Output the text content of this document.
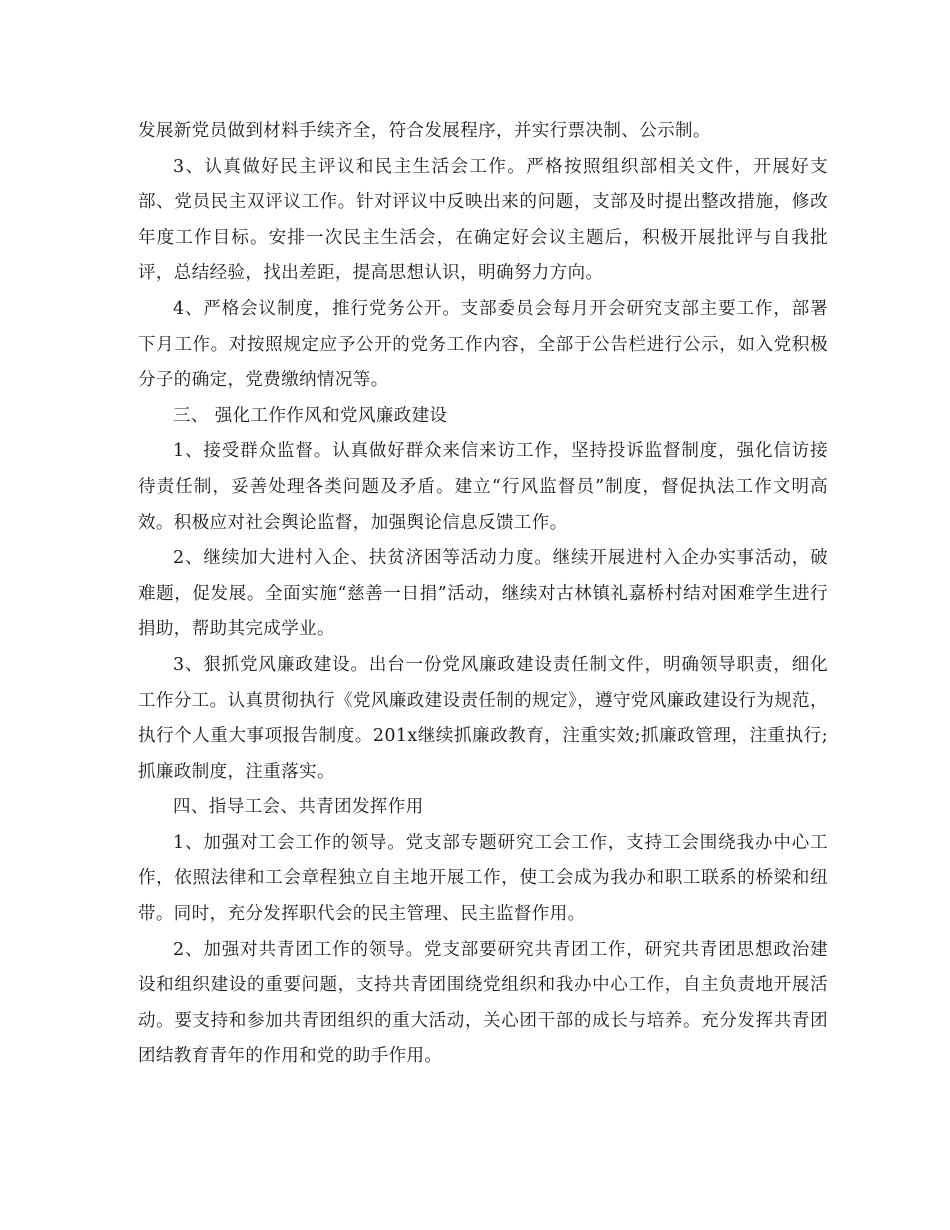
发展新党员做到材料手续齐全，符合发展程序，并实行票决制、公示制。

3、认真做好民主评议和民主生活会工作。严格按照组织部相关文件，开展好支部、党员民主双评议工作。针对评议中反映出来的问题，支部及时提出整改措施，修改年度工作目标。安排一次民主生活会，在确定好会议主题后，积极开展批评与自我批评，总结经验，找出差距，提高思想认识，明确努力方向。

4、严格会议制度，推行党务公开。支部委员会每月开会研究支部主要工作，部署下月工作。对按照规定应予公开的党务工作内容，全部于公告栏进行公示，如入党积极分子的确定，党费缴纳情况等。

三、 强化工作作风和党风廉政建设

1、接受群众监督。认真做好群众来信来访工作，坚持投诉监督制度，强化信访接待责任制，妥善处理各类问题及矛盾。建立“行风监督员”制度，督促执法工作文明高效。积极应对社会舆论监督，加强舆论信息反馈工作。

2、继续加大进村入企、扶贫济困等活动力度。继续开展进村入企办实事活动，破难题，促发展。全面实施“慈善一日捐”活动，继续对古林镇礼嘉桥村结对困难学生进行捐助，帮助其完成学业。

3、狠抓党风廉政建设。出台一份党风廉政建设责任制文件，明确领导职责，细化工作分工。认真贯彻执行《党风廉政建设责任制的规定》，遵守党风廉政建设行为规范，执行个人重大事项报告制度。201x继续抓廉政教育，注重实效;抓廉政管理，注重执行;抓廉政制度，注重落实。

四、指导工会、共青团发挥作用

1、加强对工会工作的领导。党支部专题研究工会工作，支持工会围绕我办中心工作，依照法律和工会章程独立自主地开展工作，使工会成为我办和职工联系的桥梁和纽带。同时，充分发挥职代会的民主管理、民主监督作用。

2、加强对共青团工作的领导。党支部要研究共青团工作，研究共青团思想政治建设和组织建设的重要问题，支持共青团围绕党组织和我办中心工作，自主负责地开展活动。要支持和参加共青团组织的重大活动，关心团干部的成长与培养。充分发挥共青团团结教育青年的作用和党的助手作用。
